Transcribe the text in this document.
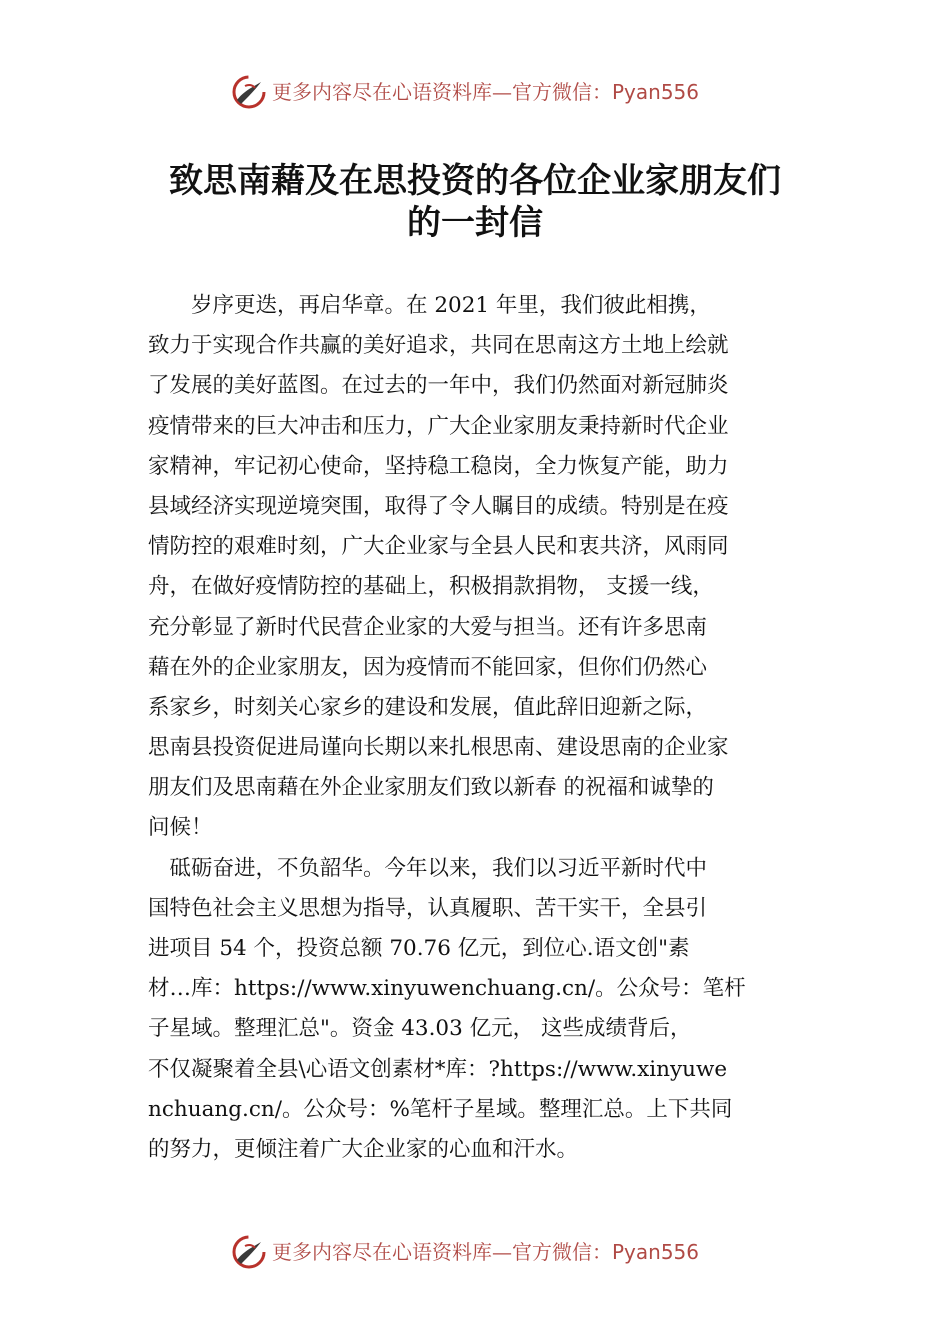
更多内容尽在心语资料库—官方微信：Pyan556
致思南藉及在思投资的各位企业家朋友们
的一封信
　　岁序更迭，再启华章。在 2021 年里，我们彼此相携，
致力于实现合作共赢的美好追求，共同在思南这方土地上绘就
了发展的美好蓝图。在过去的一年中，我们仍然面对新冠肺炎
疫情带来的巨大冲击和压力，广大企业家朋友秉持新时代企业
家精神，牢记初心使命，坚持稳工稳岗，全力恢复产能，助力
县域经济实现逆境突围，取得了令人瞩目的成绩。特别是在疫
情防控的艰难时刻，广大企业家与全县人民和衷共济，风雨同
舟，在做好疫情防控的基础上，积极捐款捐物， 支援一线，
充分彰显了新时代民营企业家的大爱与担当。还有许多思南
藉在外的企业家朋友，因为疫情而不能回家，但你们仍然心
系家乡，时刻关心家乡的建设和发展，值此辞旧迎新之际，
思南县投资促进局谨向长期以来扎根思南、建设思南的企业家
朋友们及思南藉在外企业家朋友们致以新春 的祝福和诚挚的
问候！
　砥砺奋进，不负韶华。今年以来，我们以习近平新时代中
国特色社会主义思想为指导，认真履职、苦干实干，全县引
进项目 54 个，投资总额 70.76 亿元，到位心.语文创"素
材…库：https://www.xinyuwenchuang.cn/。公众号：笔杆
子星域。整理汇总"。资金 43.03 亿元， 这些成绩背后，
不仅凝聚着全县\心语文创素材*库：?https://www.xinyuwe
nchuang.cn/。公众号：%笔杆子星域。整理汇总。上下共同
的努力，更倾注着广大企业家的心血和汗水。
更多内容尽在心语资料库—官方微信：Pyan556
